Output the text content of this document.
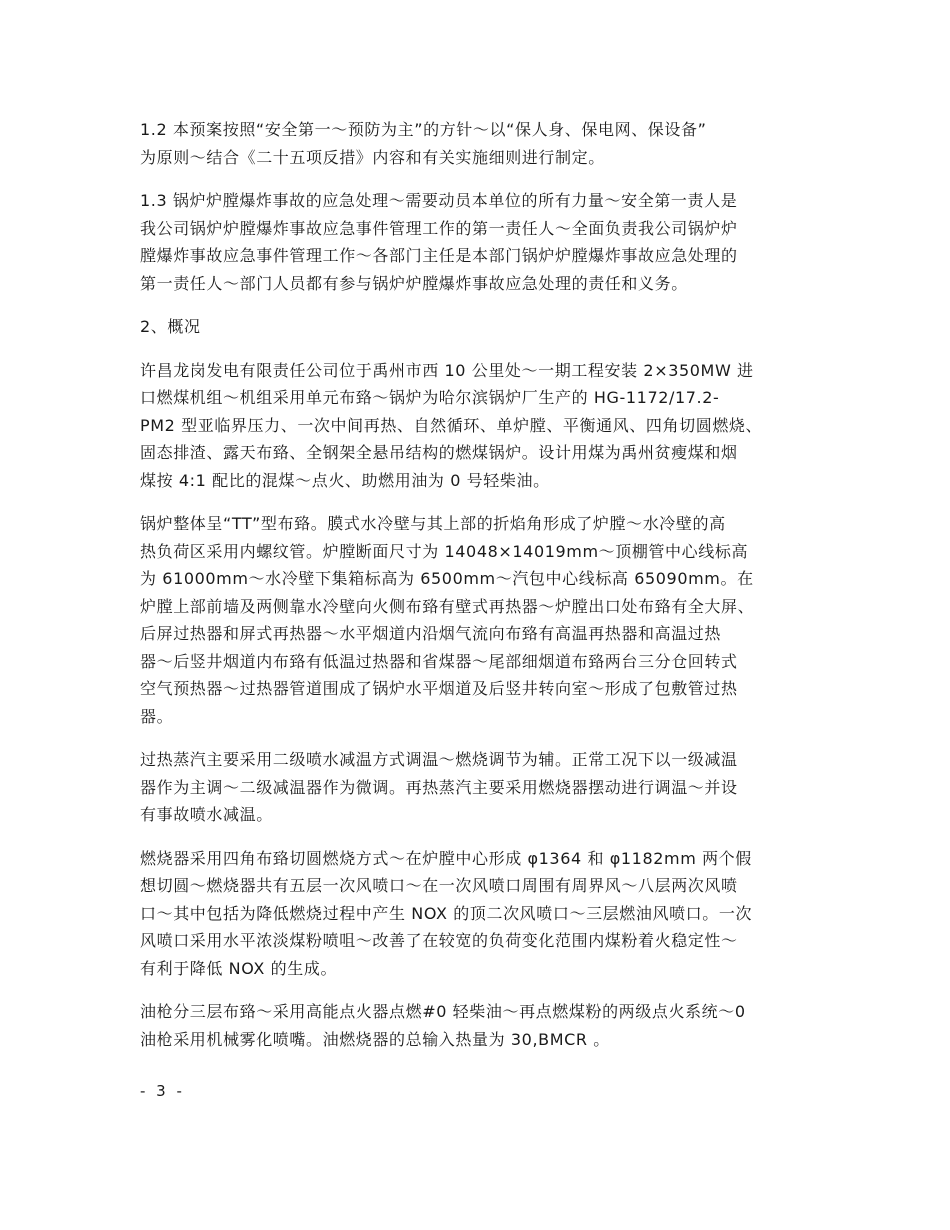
1.2 本预案按照“安全第一～预防为主”的方针～以“保人身、保电网、保设备”
为原则～结合《二十五项反措》内容和有关实施细则进行制定。

1.3 锅炉炉膛爆炸事故的应急处理～需要动员本单位的所有力量～安全第一责人是
我公司锅炉炉膛爆炸事故应急事件管理工作的第一责任人～全面负责我公司锅炉炉
膛爆炸事故应急事件管理工作～各部门主任是本部门锅炉炉膛爆炸事故应急处理的
第一责任人～部门人员都有参与锅炉炉膛爆炸事故应急处理的责任和义务。

2、概况

许昌龙岗发电有限责任公司位于禹州市西 10 公里处～一期工程安装 2×350MW 进
口燃煤机组～机组采用单元布臵～锅炉为哈尔滨锅炉厂生产的 HG-1172/17.2-
PM2 型亚临界压力、一次中间再热、自然循环、单炉膛、平衡通风、四角切圆燃烧、
固态排渣、露天布臵、全钢架全悬吊结构的燃煤锅炉。设计用煤为禹州贫瘦煤和烟
煤按 4:1 配比的混煤～点火、助燃用油为 0 号轻柴油。

锅炉整体呈“TT”型布臵。膜式水冷壁与其上部的折焰角形成了炉膛～水冷壁的高
热负荷区采用内螺纹管。炉膛断面尺寸为 14048×14019mm～顶棚管中心线标高
为 61000mm～水冷壁下集箱标高为 6500mm～汽包中心线标高 65090mm。在
炉膛上部前墙及两侧靠水冷壁向火侧布臵有壁式再热器～炉膛出口处布臵有全大屏、
后屏过热器和屏式再热器～水平烟道内沿烟气流向布臵有高温再热器和高温过热
器～后竖井烟道内布臵有低温过热器和省煤器～尾部细烟道布臵两台三分仓回转式
空气预热器～过热器管道围成了锅炉水平烟道及后竖井转向室～形成了包敷管过热
器。

过热蒸汽主要采用二级喷水减温方式调温～燃烧调节为辅。正常工况下以一级减温
器作为主调～二级减温器作为微调。再热蒸汽主要采用燃烧器摆动进行调温～并设
有事故喷水减温。

燃烧器采用四角布臵切圆燃烧方式～在炉膛中心形成 φ1364 和 φ1182mm 两个假
想切圆～燃烧器共有五层一次风喷口～在一次风喷口周围有周界风～八层两次风喷
口～其中包括为降低燃烧过程中产生 NOX 的顶二次风喷口～三层燃油风喷口。一次
风喷口采用水平浓淡煤粉喷咀～改善了在较宽的负荷变化范围内煤粉着火稳定性～
有利于降低 NOX 的生成。

油枪分三层布臵～采用高能点火器点燃#0 轻柴油～再点燃煤粉的两级点火系统～0
油枪采用机械雾化喷嘴。油燃烧器的总输入热量为 30,BMCR 。

- 3 -
